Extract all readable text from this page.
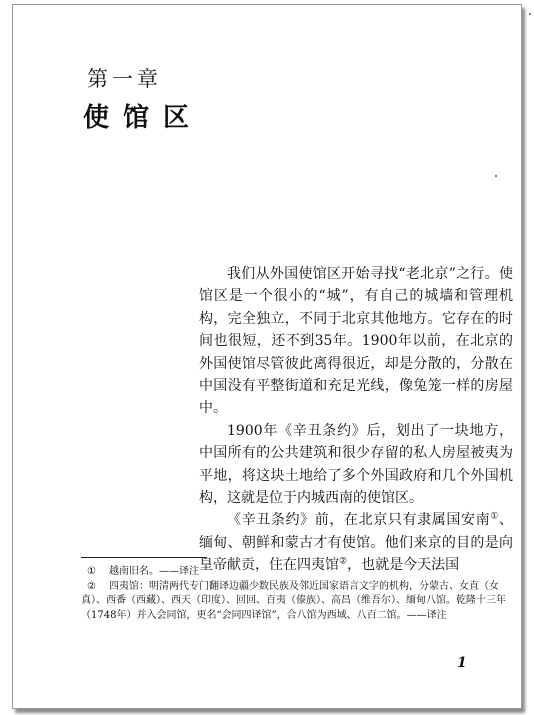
第一章
使馆区

我们从外国使馆区开始寻找“老北京”之行。使馆区是一个很小的“城”，有自己的城墙和管理机构，完全独立，不同于北京其他地方。它存在的时间也很短，还不到35年。1900年以前，在北京的外国使馆尽管彼此离得很近，却是分散的，分散在中国没有平整街道和充足光线，像兔笼一样的房屋中。

1900年《辛丑条约》后，划出了一块地方，中国所有的公共建筑和很少存留的私人房屋被夷为平地，将这块土地给了多个外国政府和几个外国机构，这就是位于内城西南的使馆区。

《辛丑条约》前，在北京只有隶属国安南①、缅甸、朝鲜和蒙古才有使馆。他们来京的目的是向皇帝献贡，住在四夷馆②，也就是今天法国

① 越南旧名。——译注
② 四夷馆：明清两代专门翻译边疆少数民族及邻近国家语言文字的机构，分蒙古、女直（女真）、西番（西藏）、西天（印度）、回回、百夷（傣族）、高昌（维吾尔）、缅甸八馆。乾隆十三年（1748年）并入会同馆，更名“会同四译馆”，合八馆为西域、八百二馆。——译注
1
